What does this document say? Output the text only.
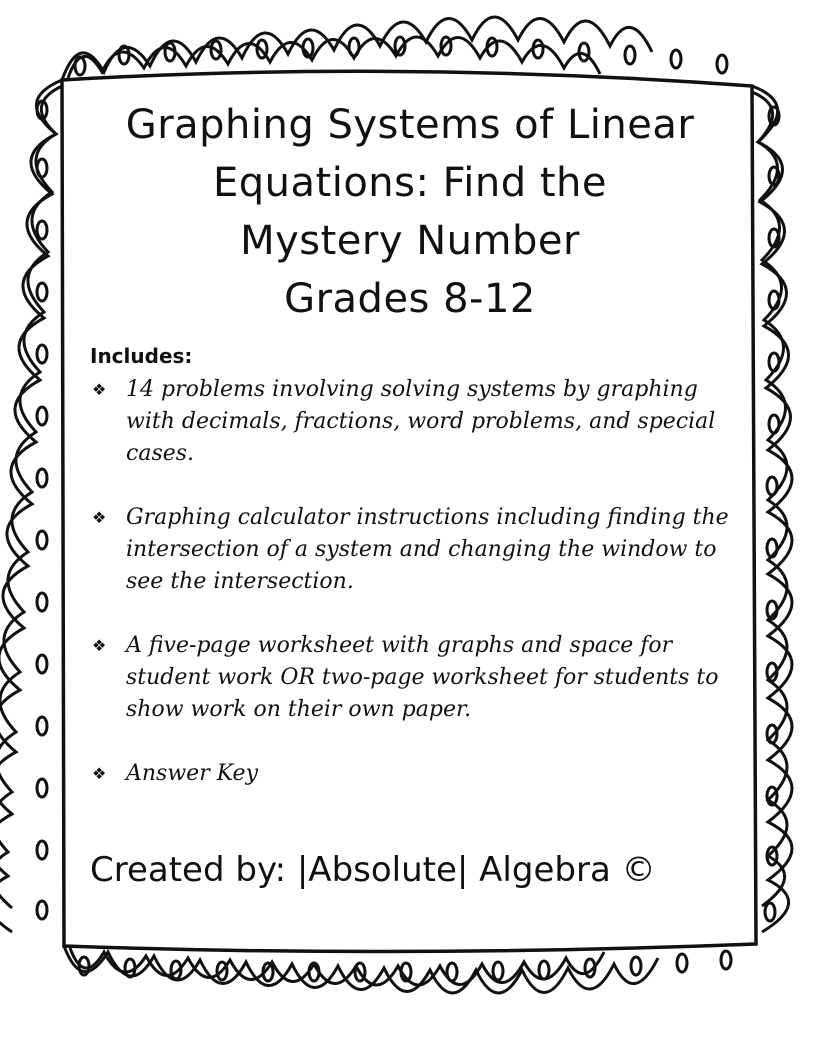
Graphing Systems of Linear
Equations: Find the
Mystery Number
Grades 8-12
Includes:
❖ 14 problems involving solving systems by graphing with decimals, fractions, word problems, and special cases.
❖ Graphing calculator instructions including finding the intersection of a system and changing the window to see the intersection.
❖ A five-page worksheet with graphs and space for student work OR two-page worksheet for students to show work on their own paper.
❖ Answer Key
Created by: |Absolute| Algebra ©
